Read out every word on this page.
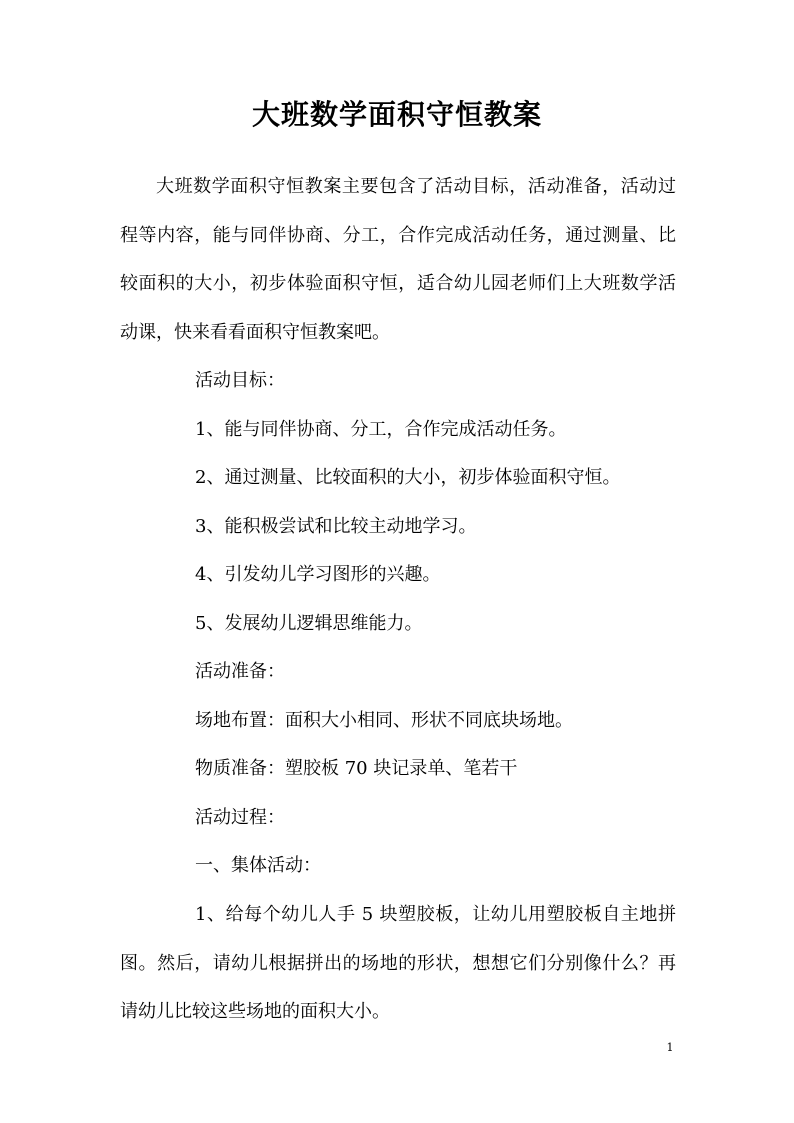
大班数学面积守恒教案
大班数学面积守恒教案主要包含了活动目标，活动准备，活动过程等内容，能与同伴协商、分工，合作完成活动任务，通过测量、比较面积的大小，初步体验面积守恒，适合幼儿园老师们上大班数学活动课，快来看看面积守恒教案吧。
活动目标：
1、能与同伴协商、分工，合作完成活动任务。
2、通过测量、比较面积的大小，初步体验面积守恒。
3、能积极尝试和比较主动地学习。
4、引发幼儿学习图形的兴趣。
5、发展幼儿逻辑思维能力。
活动准备：
场地布置：面积大小相同、形状不同底块场地。
物质准备：塑胶板 70 块记录单、笔若干
活动过程：
一、集体活动：
1、给每个幼儿人手 5 块塑胶板，让幼儿用塑胶板自主地拼图。然后，请幼儿根据拼出的场地的形状，想想它们分别像什么？再请幼儿比较这些场地的面积大小。
1
